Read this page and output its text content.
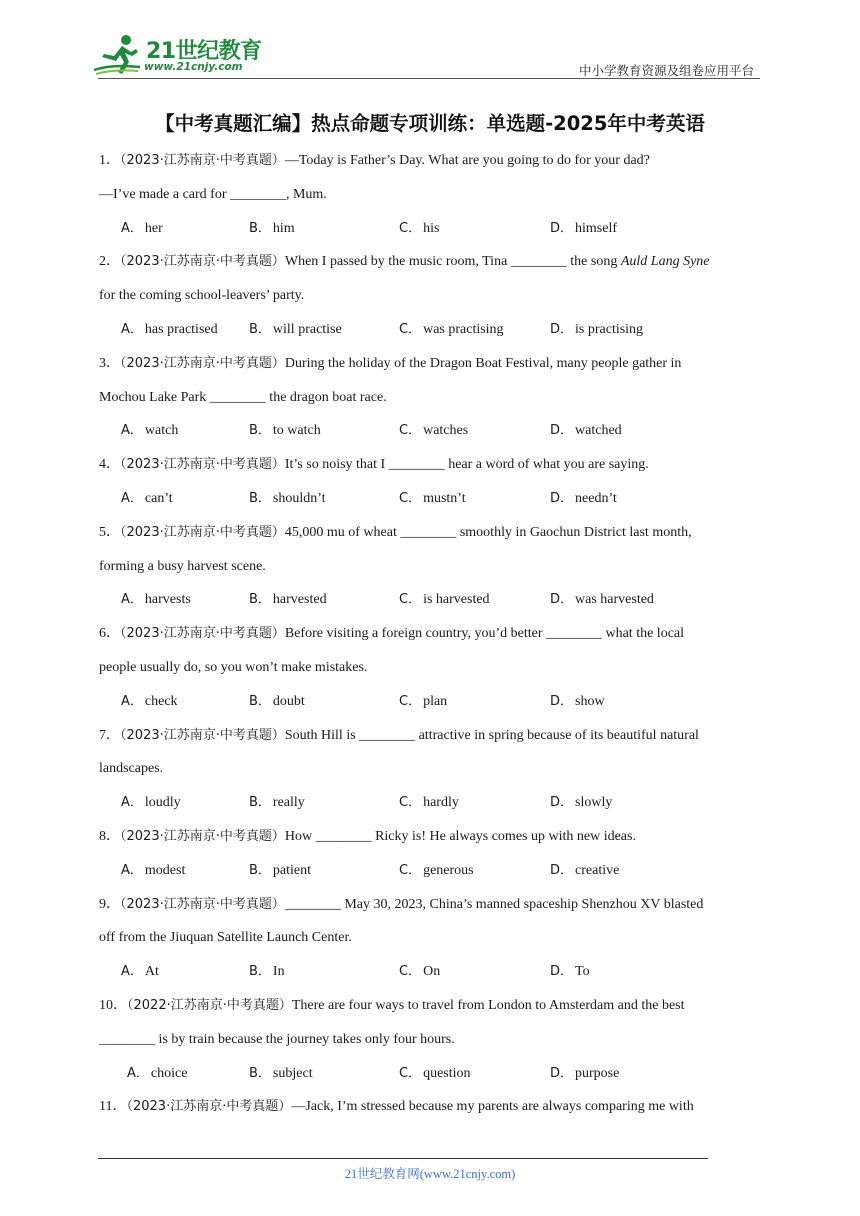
21世纪教育
www.21cnjy.com	中小学教育资源及组卷应用平台
【中考真题汇编】热点命题专项训练：单选题-2025年中考英语
1．（2023·江苏南京·中考真题）—Today is Father’s Day. What are you going to do for your dad?
—I’ve made a card for ________, Mum.
A． her	B． him	C． his	D． himself
2．（2023·江苏南京·中考真题）When I passed by the music room, Tina ________ the song Auld Lang Syne
for the coming school-leavers’ party.
A． has practised B． will practise	C． was practising	D． is practising
3．（2023·江苏南京·中考真题）During the holiday of the Dragon Boat Festival, many people gather in
Mochou Lake Park ________ the dragon boat race.
A． watch	B． to watch	C． watches	D． watched
4．（2023·江苏南京·中考真题）It’s so noisy that I ________ hear a word of what you are saying.
A． can’t	B． shouldn’t	C． mustn’t	D． needn’t
5．（2023·江苏南京·中考真题）45,000 mu of wheat ________ smoothly in Gaochun District last month,
forming a busy harvest scene.
A． harvests	B． harvested	C． is harvested	D． was harvested
6．（2023·江苏南京·中考真题）Before visiting a foreign country, you’d better ________ what the local
people usually do, so you won’t make mistakes.
A． check	B． doubt	C． plan	D． show
7．（2023·江苏南京·中考真题）South Hill is ________ attractive in spring because of its beautiful natural
landscapes.
A． loudly	B． really	C． hardly	D． slowly
8．（2023·江苏南京·中考真题）How ________ Ricky is! He always comes up with new ideas.
A． modest	B． patient	C． generous	D． creative
9．（2023·江苏南京·中考真题）________ May 30, 2023, China’s manned spaceship Shenzhou XV blasted
off from the Jiuquan Satellite Launch Center.
A． At	B． In	C． On	D． To
10．（2022·江苏南京·中考真题）There are four ways to travel from London to Amsterdam and the best
________ is by train because the journey takes only four hours.
A． choice	B． subject	C． question	D． purpose
11．（2023·江苏南京·中考真题）—Jack, I’m stressed because my parents are always comparing me with
21世纪教育网(www.21cnjy.com)
